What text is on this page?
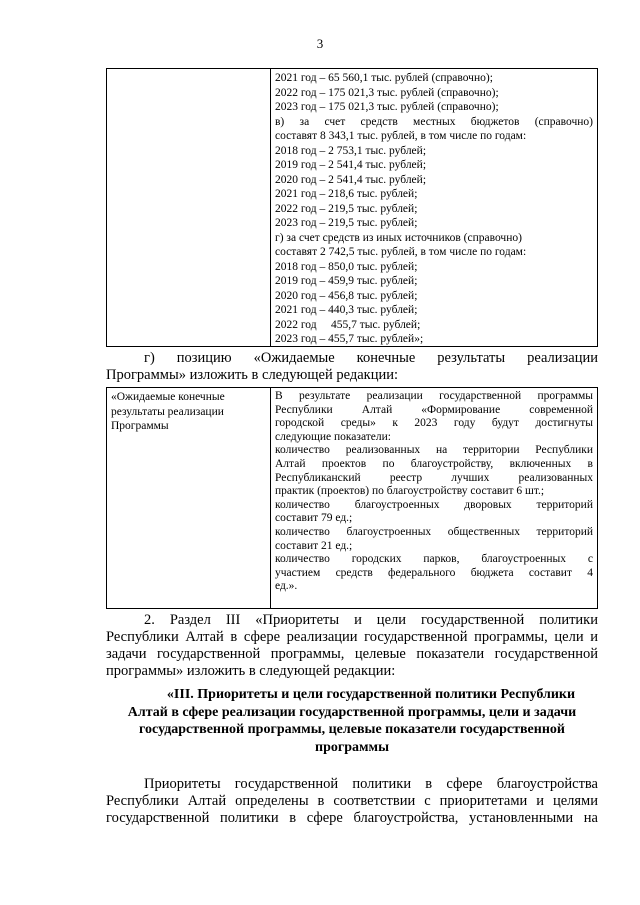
3
2021 год – 65 560,1 тыс. рублей (справочно);
2022 год – 175 021,3 тыс. рублей (справочно);
2023 год – 175 021,3 тыс. рублей (справочно);
в) за счет средств местных бюджетов (справочно)
составят 8 343,1 тыс. рублей, в том числе по годам:
2018 год – 2 753,1 тыс. рублей;
2019 год – 2 541,4 тыс. рублей;
2020 год – 2 541,4 тыс. рублей;
2021 год – 218,6 тыс. рублей;
2022 год – 219,5 тыс. рублей;
2023 год – 219,5 тыс. рублей;
г) за счет средств из иных источников (справочно)
составят 2 742,5 тыс. рублей, в том числе по годам:
2018 год – 850,0 тыс. рублей;
2019 год – 459,9 тыс. рублей;
2020 год – 456,8 тыс. рублей;
2021 год – 440,3 тыс. рублей;
2022 год     455,7 тыс. рублей;
2023 год – 455,7 тыс. рублей»;
г) позицию «Ожидаемые конечные результаты реализации
Программы» изложить в следующей редакции:
«Ожидаемые конечные
результаты реализации
Программы
В результате реализации государственной программы
Республики Алтай «Формирование современной
городской среды» к 2023 году будут достигнуты
следующие показатели:
количество реализованных на территории Республики
Алтай проектов по благоустройству, включенных в
Республиканский реестр лучших реализованных
практик (проектов) по благоустройству составит 6 шт.;
количество благоустроенных дворовых территорий
составит 79 ед.;
количество благоустроенных общественных территорий
составит 21 ед.;
количество городских парков, благоустроенных с
участием средств федерального бюджета составит 4
ед.».
2. Раздел III «Приоритеты и цели государственной политики
Республики Алтай в сфере реализации государственной программы, цели и
задачи государственной программы, целевые показатели государственной
программы» изложить в следующей редакции:
«III. Приоритеты и цели государственной политики Республики
Алтай в сфере реализации государственной программы, цели и задачи
государственной программы, целевые показатели государственной
программы
Приоритеты государственной политики в сфере благоустройства
Республики Алтай определены в соответствии с приоритетами и целями
государственной политики в сфере благоустройства, установленными на
